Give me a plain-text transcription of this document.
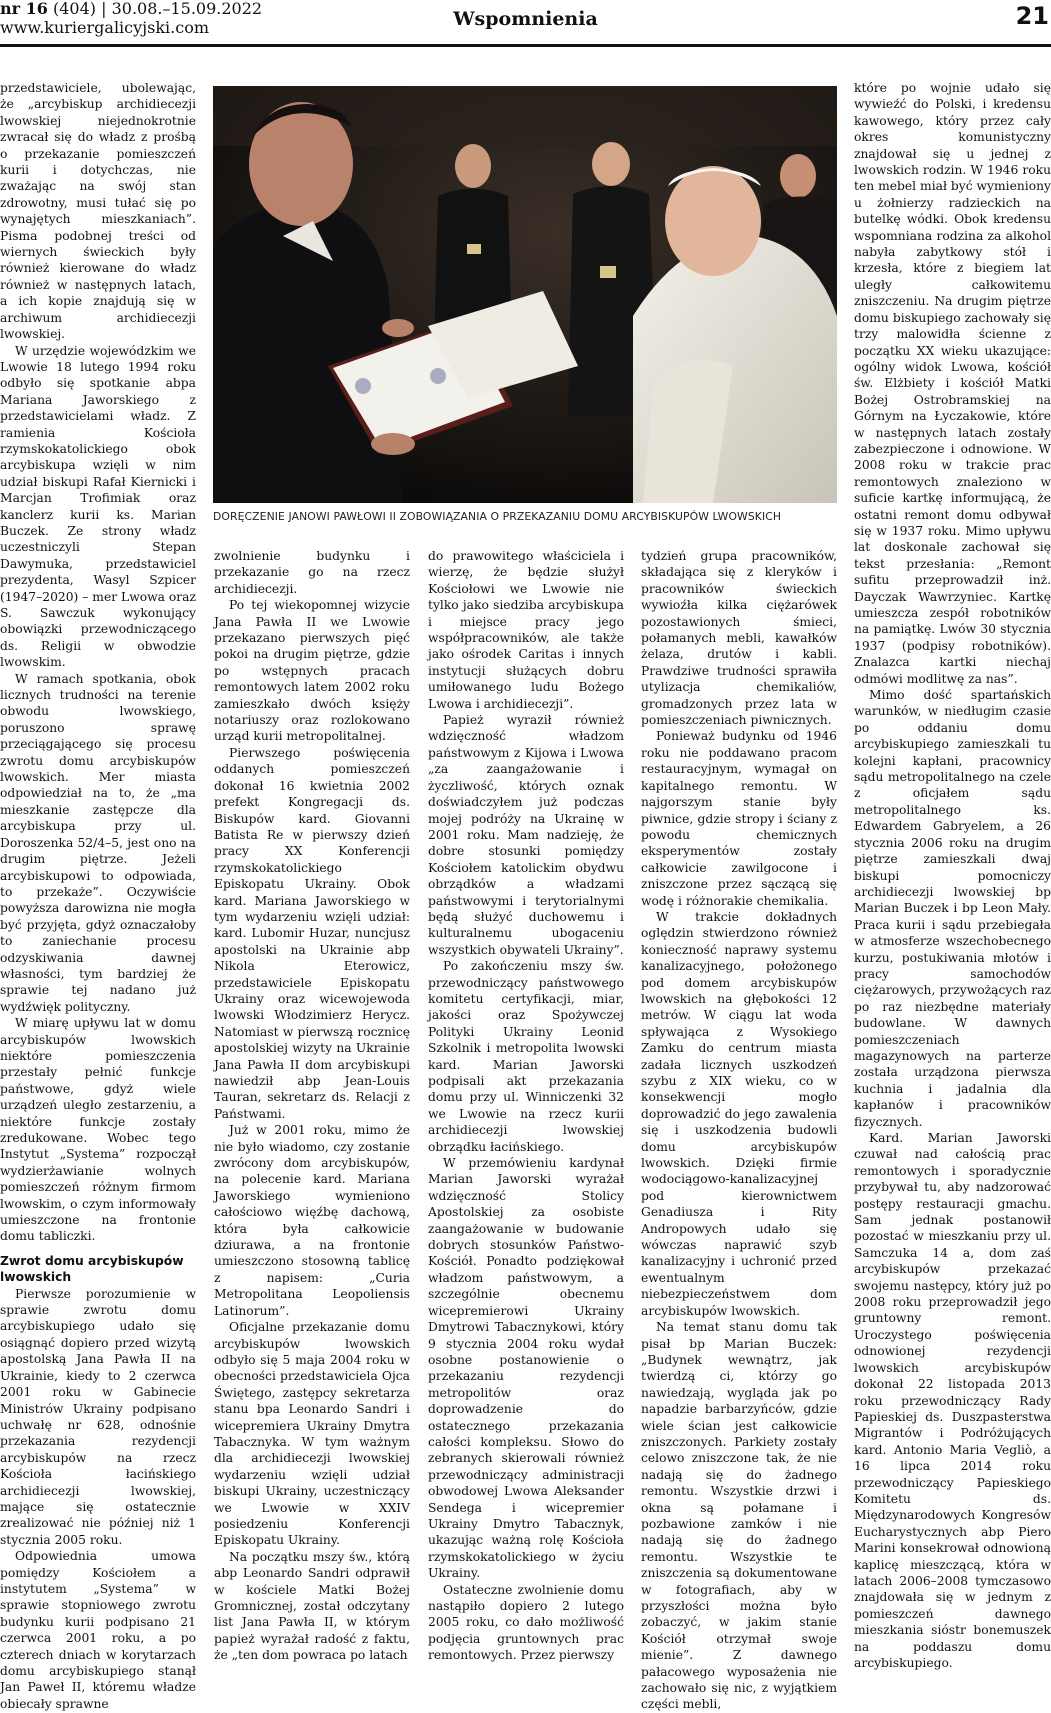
nr 16 (404) | 30.08.–15.09.2022
www.kuriergalicyjski.com	Wspomnienia	21

przedstawiciele, ubolewając, że „arcybiskup archidiecezji lwowskiej niejednokrotnie zwracał się do władz z prośbą o przekazanie pomieszczeń kurii i dotychczas, nie zważając na swój stan zdrowotny, musi tułać się po wynajętych mieszkaniach”. Pisma podobnej treści od wiernych świeckich były również kierowane do władz również w następnych latach, a ich kopie znajdują się w archiwum archidiecezji lwowskiej.

W urzędzie wojewódzkim we Lwowie 18 lutego 1994 roku odbyło się spotkanie abpa Mariana Jaworskiego z przedstawicielami władz. Z ramienia Kościoła rzymskokatolickiego obok arcybiskupa wzięli w nim udział biskupi Rafał Kiernicki i Marcjan Trofimiak oraz kanclerz kurii ks. Marian Buczek. Ze strony władz uczestniczyli Stepan Dawymuka, przedstawiciel prezydenta, Wasyl Szpicer (1947–2020) – mer Lwowa oraz S. Sawczuk wykonujący obowiązki przewodniczącego ds. Religii w obwodzie lwowskim.

W ramach spotkania, obok licznych trudności na terenie obwodu lwowskiego, poruszono sprawę przeciągającego się procesu zwrotu domu arcybiskupów lwowskich. Mer miasta odpowiedział na to, że „ma mieszkanie zastępcze dla arcybiskupa przy ul. Doroszenka 52/4–5, jest ono na drugim piętrze. Jeżeli arcybiskupowi to odpowiada, to przekaże”. Oczywiście powyższa darowizna nie mogła być przyjęta, gdyż oznaczałoby to zaniechanie procesu odzyskiwania dawnej własności, tym bardziej że sprawie tej nadano już wydźwięk polityczny.

W miarę upływu lat w domu arcybiskupów lwowskich niektóre pomieszczenia przestały pełnić funkcje państwowe, gdyż wiele urządzeń uległo zestarzeniu, a niektóre funkcje zostały zredukowane. Wobec tego Instytut „Systema” rozpoczął wydzierżawianie wolnych pomieszczeń różnym firmom lwowskim, o czym informowały umieszczone na frontonie domu tabliczki.

Zwrot domu arcybiskupów lwowskich

Pierwsze porozumienie w sprawie zwrotu domu arcybiskupiego udało się osiągnąć dopiero przed wizytą apostolską Jana Pawła II na Ukrainie, kiedy to 2 czerwca 2001 roku w Gabinecie Ministrów Ukrainy podpisano uchwałę nr 628, odnośnie przekazania rezydencji arcybiskupów na rzecz Kościoła łacińskiego archidiecezji lwowskiej, mające się ostatecznie zrealizować nie później niż 1 stycznia 2005 roku.

Odpowiednia umowa pomiędzy Kościołem a instytutem „Systema” w sprawie stopniowego zwrotu budynku kurii podpisano 21 czerwca 2001 roku, a po czterech dniach w korytarzach domu arcybiskupiego stanął Jan Paweł II, któremu władze obiecały sprawne

DORĘCZENIE JANOWI PAWŁOWI II ZOBOWIĄZANIA O PRZEKAZANIU DOMU ARCYBISKUPÓW LWOWSKICH

zwolnienie budynku i przekazanie go na rzecz archidiecezji.

Po tej wiekopomnej wizycie Jana Pawła II we Lwowie przekazano pierwszych pięć pokoi na drugim piętrze, gdzie po wstępnych pracach remontowych latem 2002 roku zamieszkało dwóch księży notariuszy oraz rozlokowano urząd kurii metropolitalnej.

Pierwszego poświęcenia oddanych pomieszczeń dokonał 16 kwietnia 2002 prefekt Kongregacji ds. Biskupów kard. Giovanni Batista Re w pierwszy dzień pracy XX Konferencji rzymskokatolickiego Episkopatu Ukrainy. Obok kard. Mariana Jaworskiego w tym wydarzeniu wzięli udział: kard. Lubomir Huzar, nuncjusz apostolski na Ukrainie abp Nikola Eterowicz, przedstawiciele Episkopatu Ukrainy oraz wicewojewoda lwowski Włodzimierz Herycz. Natomiast w pierwszą rocznicę apostolskiej wizyty na Ukrainie Jana Pawła II dom arcybiskupi nawiedził abp Jean-Louis Tauran, sekretarz ds. Relacji z Państwami.

Już w 2001 roku, mimo że nie było wiadomo, czy zostanie zwrócony dom arcybiskupów, na polecenie kard. Mariana Jaworskiego wymieniono całościowo więźbę dachową, która była całkowicie dziurawa, a na frontonie umieszczono stosowną tablicę z napisem: „Curia Metropolitana Leopoliensis Latinorum”.

Oficjalne przekazanie domu arcybiskupów lwowskich odbyło się 5 maja 2004 roku w obecności przedstawiciela Ojca Świętego, zastępcy sekretarza stanu bpa Leonardo Sandri i wicepremiera Ukrainy Dmytra Tabacznyka. W tym ważnym dla archidiecezji lwowskiej wydarzeniu wzięli udział biskupi Ukrainy, uczestniczący we Lwowie w XXIV posiedzeniu Konferencji Episkopatu Ukrainy.

Na początku mszy św., którą abp Leonardo Sandri odprawił w kościele Matki Bożej Gromnicznej, został odczytany list Jana Pawła II, w którym papież wyrażał radość z faktu, że „ten dom powraca po latach

do prawowitego właściciela i wierzę, że będzie służył Kościołowi we Lwowie nie tylko jako siedziba arcybiskupa i miejsce pracy jego współpracowników, ale także jako ośrodek Caritas i innych instytucji służących dobru umiłowanego ludu Bożego Lwowa i archidiecezji”.

Papież wyraził również wdzięczność władzom państwowym z Kijowa i Lwowa „za zaangażowanie i życzliwość, których oznak doświadczyłem już podczas mojej podróży na Ukrainę w 2001 roku. Mam nadzieję, że dobre stosunki pomiędzy Kościołem katolickim obydwu obrządków a władzami państwowymi i terytorialnymi będą służyć duchowemu i kulturalnemu ubogaceniu wszystkich obywateli Ukrainy”.

Po zakończeniu mszy św. przewodniczący państwowego komitetu certyfikacji, miar, jakości oraz Spożywczej Polityki Ukrainy Leonid Szkolnik i metropolita lwowski kard. Marian Jaworski podpisali akt przekazania domu przy ul. Winniczenki 32 we Lwowie na rzecz kurii archidiecezji lwowskiej obrządku łacińskiego.

W przemówieniu kardynał Marian Jaworski wyrażał wdzięczność Stolicy Apostolskiej za osobiste zaangażowanie w budowanie dobrych stosunków Państwo-Kościół. Ponadto podziękował władzom państwowym, a szczególnie obecnemu wicepremierowi Ukrainy Dmytrowi Tabacznykowi, który 9 stycznia 2004 roku wydał osobne postanowienie o przekazaniu rezydencji metropolitów oraz doprowadzenie do ostatecznego przekazania całości kompleksu. Słowo do zebranych skierowali również przewodniczący administracji obwodowej Lwowa Aleksander Sendega i wicepremier Ukrainy Dmytro Tabacznyk, ukazując ważną rolę Kościoła rzymskokatolickiego w życiu Ukrainy.

Ostateczne zwolnienie domu nastąpiło dopiero 2 lutego 2005 roku, co dało możliwość podjęcia gruntownych prac remontowych. Przez pierwszy

tydzień grupa pracowników, składająca się z kleryków i pracowników świeckich wywioźła kilka ciężarówek pozostawionych śmieci, połamanych mebli, kawałków żelaza, drutów i kabli. Prawdziwe trudności sprawiła utylizacja chemikaliów, gromadzonych przez lata w pomieszczeniach piwnicznych.

Ponieważ budynku od 1946 roku nie poddawano pracom restauracyjnym, wymagał on kapitalnego remontu. W najgorszym stanie były piwnice, gdzie stropy i ściany z powodu chemicznych eksperymentów zostały całkowicie zawilgocone i zniszczone przez sączącą się wodę i różnorakie chemikalia.

W trakcie dokładnych oględzin stwierdzono również konieczność naprawy systemu kanalizacyjnego, położonego pod domem arcybiskupów lwowskich na głębokości 12 metrów. W ciągu lat woda spływająca z Wysokiego Zamku do centrum miasta zadała licznych uszkodzeń szybu z XIX wieku, co w konsekwencji mogło doprowadzić do jego zawalenia się i uszkodzenia budowli domu arcybiskupów lwowskich. Dzięki firmie wodociągowo-kanalizacyjnej pod kierownictwem Genadiusza i Rity Andropowych udało się wówczas naprawić szyb kanalizacyjny i uchronić przed ewentualnym niebezpieczeństwem dom arcybiskupów lwowskich.

Na temat stanu domu tak pisał bp Marian Buczek: „Budynek wewnątrz, jak twierdzą ci, którzy go nawiedzają, wygląda jak po napadzie barbarzyńców, gdzie wiele ścian jest całkowicie zniszczonych. Parkiety zostały celowo zniszczone tak, że nie nadają się do żadnego remontu. Wszystkie drzwi i okna są połamane i pozbawione zamków i nie nadają się do żadnego remontu. Wszystkie te zniszczenia są dokumentowane w fotografiach, aby w przyszłości można było zobaczyć, w jakim stanie Kościół otrzymał swoje mienie”. Z dawnego pałacowego wyposażenia nie zachowało się nic, z wyjątkiem części mebli,

które po wojnie udało się wywieźć do Polski, i kredensu kawowego, który przez cały okres komunistyczny znajdował się u jednej z lwowskich rodzin. W 1946 roku ten mebel miał być wymieniony u żołnierzy radzieckich na butelkę wódki. Obok kredensu wspomniana rodzina za alkohol nabyła zabytkowy stół i krzesła, które z biegiem lat uległy całkowitemu zniszczeniu. Na drugim piętrze domu biskupiego zachowały się trzy malowidła ścienne z początku XX wieku ukazujące: ogólny widok Lwowa, kościół św. Elżbiety i kościół Matki Bożej Ostrobramskiej na Górnym na Łyczakowie, które w następnych latach zostały zabezpieczone i odnowione. W 2008 roku w trakcie prac remontowych znaleziono w suficie kartkę informującą, że ostatni remont domu odbywał się w 1937 roku. Mimo upływu lat doskonale zachował się tekst przesłania: „Remont sufitu przeprowadził inż. Dayczak Wawrzyniec. Kartkę umieszcza zespół robotników na pamiątkę. Lwów 30 stycznia 1937 (podpisy robotników). Znalazca kartki niechaj odmówi modlitwę za nas”.

Mimo dość spartańskich warunków, w niedługim czasie po oddaniu domu arcybiskupiego zamieszkali tu kolejni kapłani, pracownicy sądu metropolitalnego na czele z oficjałem sądu metropolitalnego ks. Edwardem Gabryelem, a 26 stycznia 2006 roku na drugim piętrze zamieszkali dwaj biskupi pomocniczy archidiecezji lwowskiej bp Marian Buczek i bp Leon Mały. Praca kurii i sądu przebiegała w atmosferze wszechobecnego kurzu, postukiwania młotów i pracy samochodów ciężarowych, przywożących raz po raz niezbędne materiały budowlane. W dawnych pomieszczeniach magazynowych na parterze została urządzona pierwsza kuchnia i jadalnia dla kapłanów i pracowników fizycznych.

Kard. Marian Jaworski czuwał nad całością prac remontowych i sporadycznie przybywał tu, aby nadzorować postępy restauracji gmachu. Sam jednak postanowił pozostać w mieszkaniu przy ul. Samczuka 14 a, dom zaś arcybiskupów przekazać swojemu następcy, który już po 2008 roku przeprowadził jego gruntowny remont. Uroczystego poświęcenia odnowionej rezydencji lwowskich arcybiskupów dokonał 22 listopada 2013 roku przewodniczący Rady Papieskiej ds. Duszpasterstwa Migrantów i Podróżujących kard. Antonio Maria Vegliò, a 16 lipca 2014 roku przewodniczący Papieskiego Komitetu ds. Międzynarodowych Kongresów Eucharystycznych abp Piero Marini konsekrował odnowioną kaplicę mieszczącą, która w latach 2006–2008 tymczasowo znajdowała się w jednym z pomieszczeń dawnego mieszkania sióstr bonemuszek na poddaszu domu arcybiskupiego.
